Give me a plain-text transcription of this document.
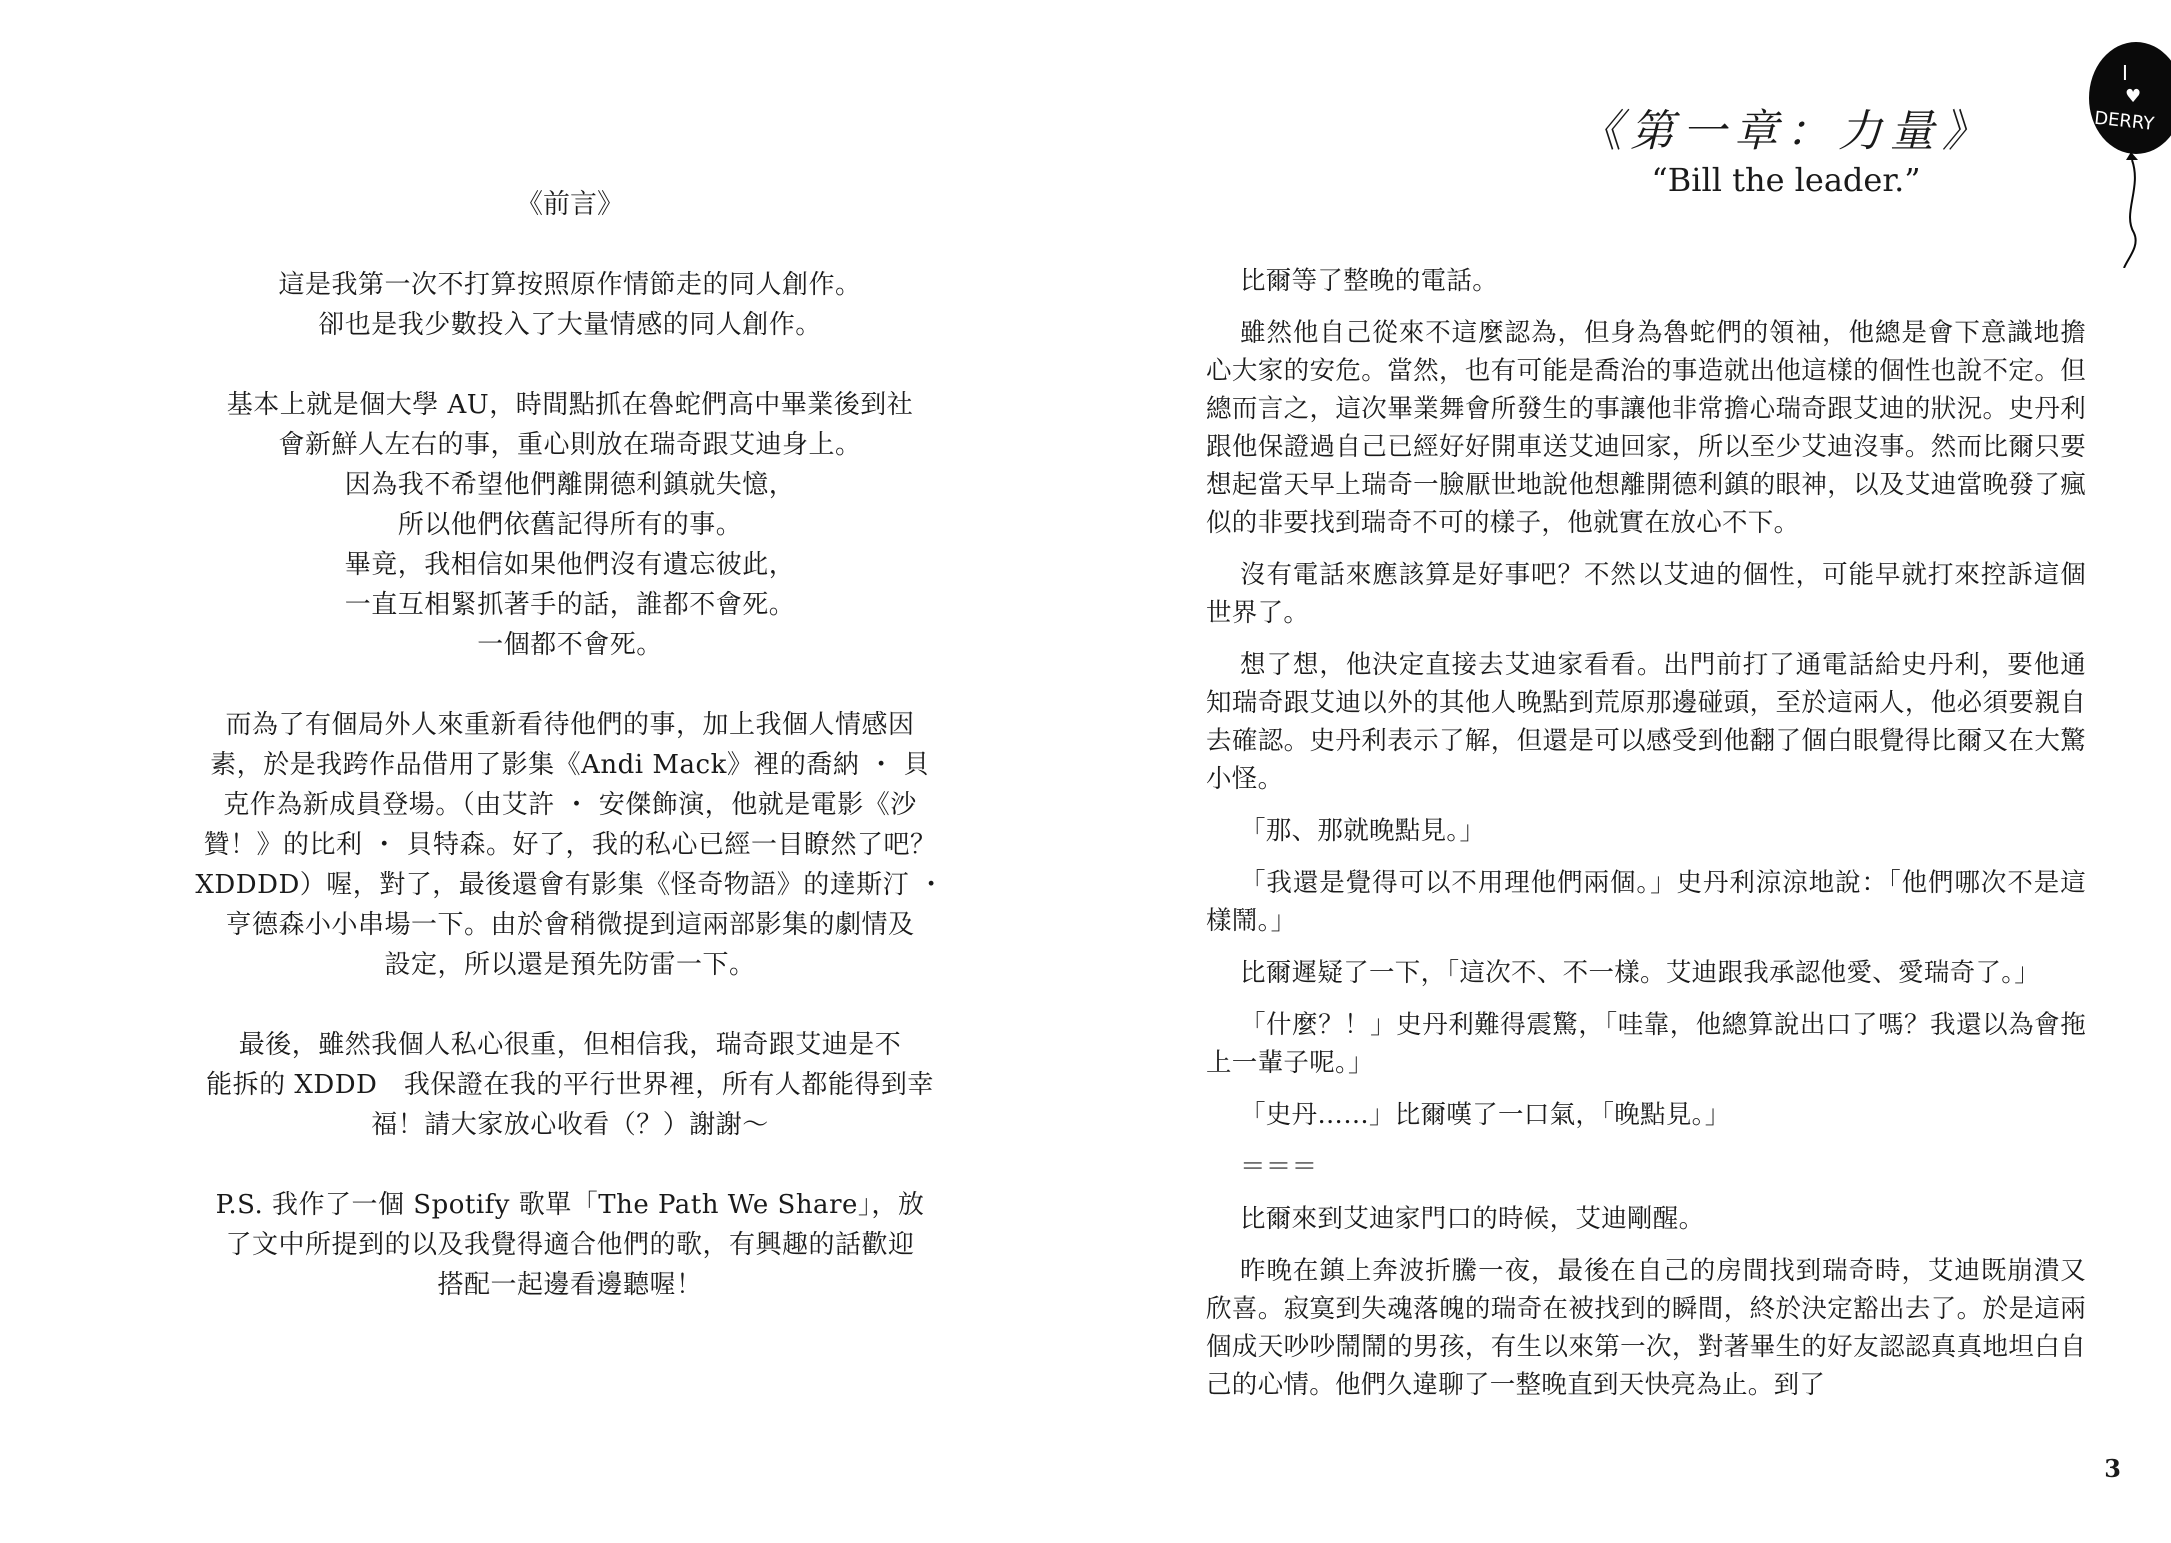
《前言》

這是我第一次不打算按照原作情節走的同人創作。
卻也是我少數投入了大量情感的同人創作。

基本上就是個大學 AU，時間點抓在魯蛇們高中畢業後到社
會新鮮人左右的事，重心則放在瑞奇跟艾迪身上。
因為我不希望他們離開德利鎮就失憶，
所以他們依舊記得所有的事。
畢竟，我相信如果他們沒有遺忘彼此，
一直互相緊抓著手的話，誰都不會死。
一個都不會死。

而為了有個局外人來重新看待他們的事，加上我個人情感因
素，於是我跨作品借用了影集《Andi Mack》裡的喬納 ・ 貝
克作為新成員登場。（由艾許 ・ 安傑飾演，他就是電影《沙
贊！》的比利 ・ 貝特森。好了，我的私心已經一目瞭然了吧？
XDDDD）喔，對了，最後還會有影集《怪奇物語》的達斯汀 ・
亨德森小小串場一下。由於會稍微提到這兩部影集的劇情及
設定，所以還是預先防雷一下。

最後，雖然我個人私心很重，但相信我，瑞奇跟艾迪是不
能拆的 XDDD　我保證在我的平行世界裡，所有人都能得到幸
福！請大家放心收看（？）謝謝～

P.S. 我作了一個 Spotify 歌單「The Path We Share」，放
了文中所提到的以及我覺得適合他們的歌，有興趣的話歡迎
搭配一起邊看邊聽喔！

I
♥
DERRY
《第一章：力量》
“Bill the leader.”

比爾等了整晚的電話。

雖然他自己從來不這麼認為，但身為魯蛇們的領袖，他總是會下意識地擔心大家的安危。當然，也有可能是喬治的事造就出他這樣的個性也說不定。但總而言之，這次畢業舞會所發生的事讓他非常擔心瑞奇跟艾迪的狀況。史丹利跟他保證過自己已經好好開車送艾迪回家，所以至少艾迪沒事。然而比爾只要想起當天早上瑞奇一臉厭世地說他想離開德利鎮的眼神，以及艾迪當晚發了瘋似的非要找到瑞奇不可的樣子，他就實在放心不下。

沒有電話來應該算是好事吧？不然以艾迪的個性，可能早就打來控訴這個世界了。

想了想，他決定直接去艾迪家看看。出門前打了通電話給史丹利，要他通知瑞奇跟艾迪以外的其他人晚點到荒原那邊碰頭，至於這兩人，他必須要親自去確認。史丹利表示了解，但還是可以感受到他翻了個白眼覺得比爾又在大驚小怪。

「那、那就晚點見。」

「我還是覺得可以不用理他們兩個。」史丹利涼涼地說：「他們哪次不是這樣鬧。」

比爾遲疑了一下，「這次不、不一樣。艾迪跟我承認他愛、愛瑞奇了。」

「什麼？！」史丹利難得震驚，「哇靠，他總算說出口了嗎？我還以為會拖上一輩子呢。」

「史丹……」比爾嘆了一口氣，「晚點見。」

＝＝＝

比爾來到艾迪家門口的時候，艾迪剛醒。

昨晚在鎮上奔波折騰一夜，最後在自己的房間找到瑞奇時，艾迪既崩潰又欣喜。寂寞到失魂落魄的瑞奇在被找到的瞬間，終於決定豁出去了。於是這兩個成天吵吵鬧鬧的男孩，有生以來第一次，對著畢生的好友認認真真地坦白自己的心情。他們久違聊了一整晚直到天快亮為止。到了

3
